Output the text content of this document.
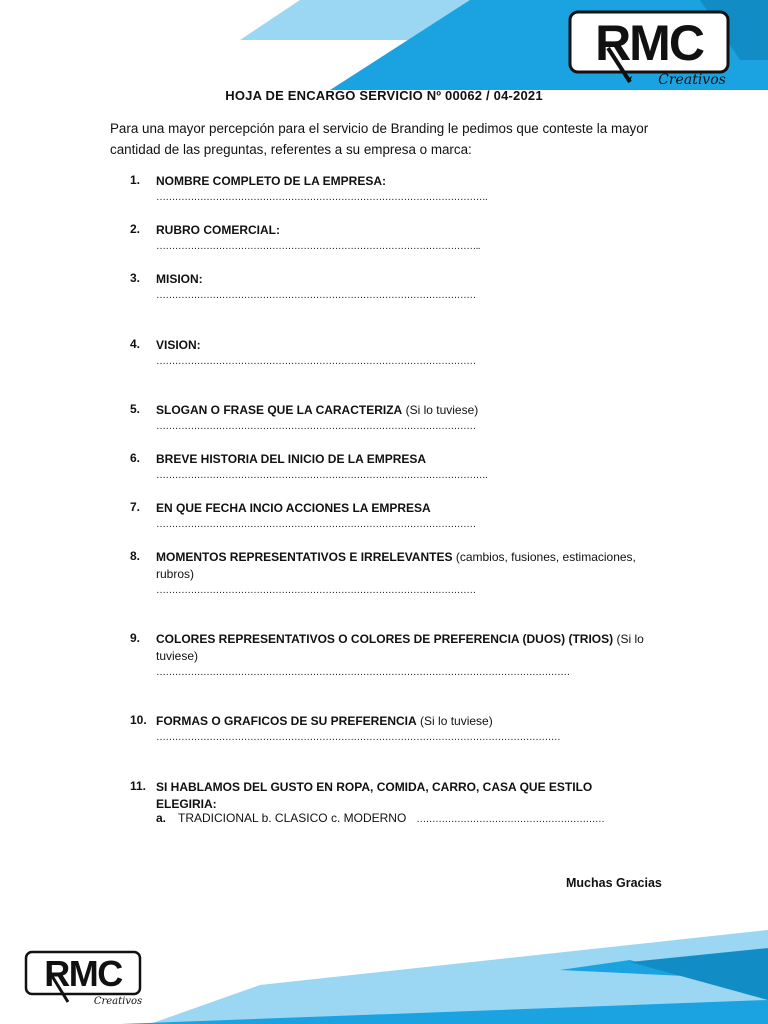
RMC
Creativos
HOJA DE ENCARGO SERVICIO Nº 00062 / 04-2021
Para una mayor percepción para el servicio de Branding le pedimos que conteste la mayor cantidad de las preguntas, referentes a su empresa o marca:
1. NOMBRE COMPLETO DE LA EMPRESA:
…………………………………………………………………………………………….
2. RUBRO COMERCIAL:
…………………………………………………………………………………………..
3. MISION:
…………………………………………………………………………………………
4. VISION:
…………………………………………………………………………………………
5. SLOGAN O FRASE QUE LA CARACTERIZA (Si lo tuviese)
…………………………………………………………………………………………
6. BREVE HISTORIA DEL INICIO DE LA EMPRESA
…………………………………………………………………………………………….
7. EN QUE FECHA INCIO ACCIONES LA EMPRESA
…………………………………………………………………………………………
8. MOMENTOS REPRESENTATIVOS E IRRELEVANTES (cambios, fusiones, estimaciones, rubros)
…………………………………………………………………………………………
9. COLORES REPRESENTATIVOS O COLORES DE PREFERENCIA (DUOS) (TRIOS) (Si lo tuviese)
……………………………………………………………………………………………………………………
10. FORMAS O GRAFICOS DE SU PREFERENCIA (Si lo tuviese)
…………………………………………………………………………………………………………………
11. SI HABLAMOS DEL GUSTO EN ROPA, COMIDA, CARRO, CASA QUE ESTILO ELEGIRIA:
a. TRADICIONAL b. CLASICO c. MODERNO ……………………………………………………
Muchas Gracias
RMC
Creativos
